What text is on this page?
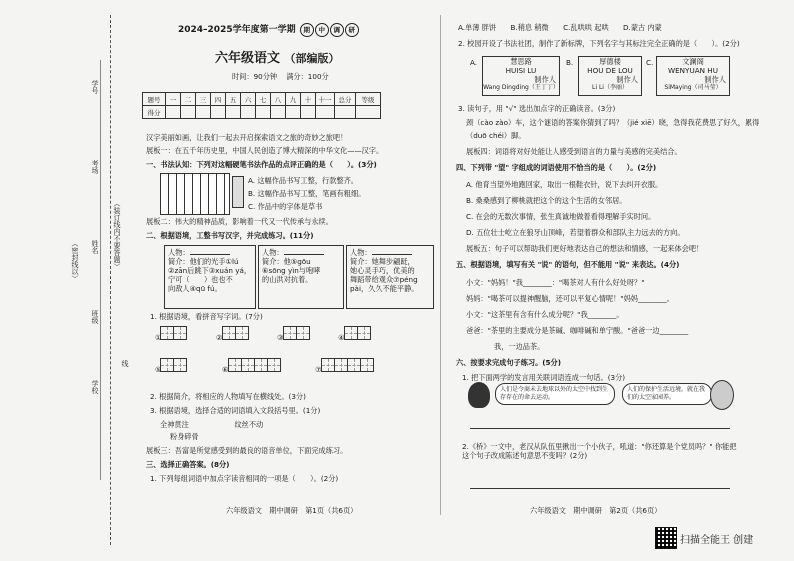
学号
考场
姓名
班级
学校
（装订线内不要答题）
线
（密封线以）
2024–2025学年度第一学期 期 中 调 研
六年级语文 （部编版）
时间：90分钟 满分：100分
题号	一	二	三	四	五	六	七	八	九	十	十一	总分	等级
得分													
汉字美丽如画，让我们一起去开启探索语文之旅的奇妙之旅吧！
展板一：在五千年历史里，中国人民创造了博大精深的中华文化——汉字。
一、书法认知：下列对这幅硬笔书法作品的点评正确的是（　　）。(3分)
A. 这幅作品书写工整，行款整齐。
B. 这幅作品书写工整，笔画有粗细。
C. 作品中的字体是草书
展板二：伟大的精神品质，影响着一代又一代传承与永续。
二、根据语境，工整书写汉字，并完成练习。(11分)
人物：
简介：他们的光手①lú
②zān后跳下③xuán yá，
宁可（　　）也也不
向敌人④qū fú。
人物：
简介：他⑤gōu
⑥sōng yìn与咆哮
的山洪对抗着。
人物：
简介：她舞步翩跹，
她心灵手巧，优美的
舞蹈带给观众⑦péng
pài，久久不能平静。
1. 根据语境，看拼音写字词。(7分)
①	②	③	④
⑤	⑥	⑦
2. 根据简介，将相应的人物填写在横线处。(3分)
3. 根据语境，选择合适的词语填入文段括号里。(1分)
全神贯注	纹丝不动
粉身碎骨
展板三：吾富是所觉感受到的最良的语音单位，下面完成练习。
三、选择正确答案。(8分)
1. 下列每组词语中加点字读音相同的一项是（　　）。(2分)
六年级语文　期中调研　第1页（共6页）
A.单薄 胖饼　　B.稍息 稍微　　C.乱哄哄 起哄　　D.蒙古 内蒙
2. 校园开设了书法社团，制作了新标牌，下列名字与其标注完全正确的是（　　）。(2分)
A.	慧思路
HUISI LU
制作人
Wang Dingding（王丁丁）
B.	厚德楼
HOU DE LOU
制作人
Li Li（李丽）
C.	文澜阁
WENYUAN HU
制作人
SiMaying（司马莹）
3. 读句子，用 "√" 选出加点字的正确读音。(3分)
颈（cào zào）车，这个谜语的答案你猜到了吗？（jié xiē）晓，急得我花费思了好久，累得
（duō chéi）脚。
展板四：词语将对好处能让人感受到语言的力量与美感的完美结合。
四、下列带 "望" 字组成的词语使用不恰当的是（　　）。(2分)
A. 他育当望外地跑回家，取出一根鞋衣针，说下去纠开衣服。
B. 桑桑感到了柳桃就把这个的这个生活的女邻居。
C. 在会的无数次事情，张生真诚地做着看得理解手实时问。
D. 五位壮士屹立在狼牙山顶峰，若望着群众和部队主力远去的方向。
展板五：句子可以帮助我们更好地表达自己的想法和情感，一起来体会吧！
五、根据语境，填写有关 "说" 的语句，但不能用 "说" 来表达。(4分)
小文："妈妈！"我________："喝茶对人有什么好处呀？"
妈妈："喝茶可以提神醒脑，还可以平复心情呢！"妈妈________。
小文："这茶里有含有什么成分呢？"我________。
爸爸："茶里的主要成分是茶碱、咖啡碱和单宁酸。"爸爸一边________
我，一边品茶。
六、按要求完成句子练习。(5分)
1. 把下面两学的发言用关联词语连成一句话。(3分)
人们是令商未去地球以外的太空中找到生存存在的命去运动。
人们的保护生活远境，就在我们的太空家园养。
2.《桥》一文中，老汉从队伍里揪出一个小伙子，吼道："你还算是个党员吗？" 你能把这个句子改成陈述句意思不变吗？(2分)
六年级语文　期中调研　第2页（共6页）
扫描全能王 创建
